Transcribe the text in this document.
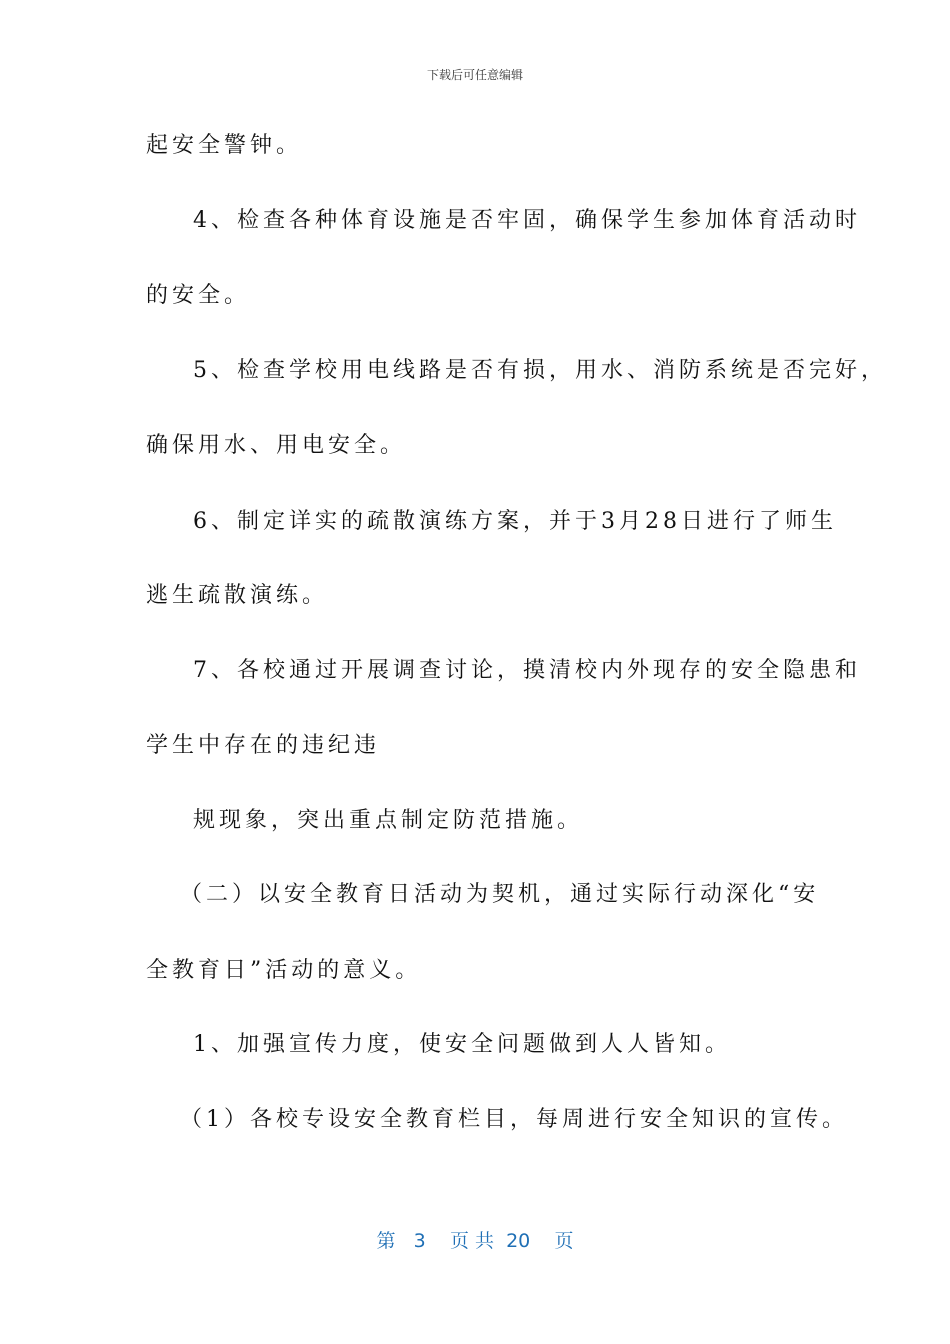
下载后可任意编辑
起安全警钟。
4、检查各种体育设施是否牢固，确保学生参加体育活动时
的安全。
5、检查学校用电线路是否有损，用水、消防系统是否完好，
确保用水、用电安全。
6、制定详实的疏散演练方案，并于3月28日进行了师生
逃生疏散演练。
7、各校通过开展调查讨论，摸清校内外现存的安全隐患和
学生中存在的违纪违
规现象，突出重点制定防范措施。
（二）以安全教育日活动为契机，通过实际行动深化“安
全教育日”活动的意义。
1、加强宣传力度，使安全问题做到人人皆知。
（1）各校专设安全教育栏目，每周进行安全知识的宣传。
第 3 页 共 20 页
